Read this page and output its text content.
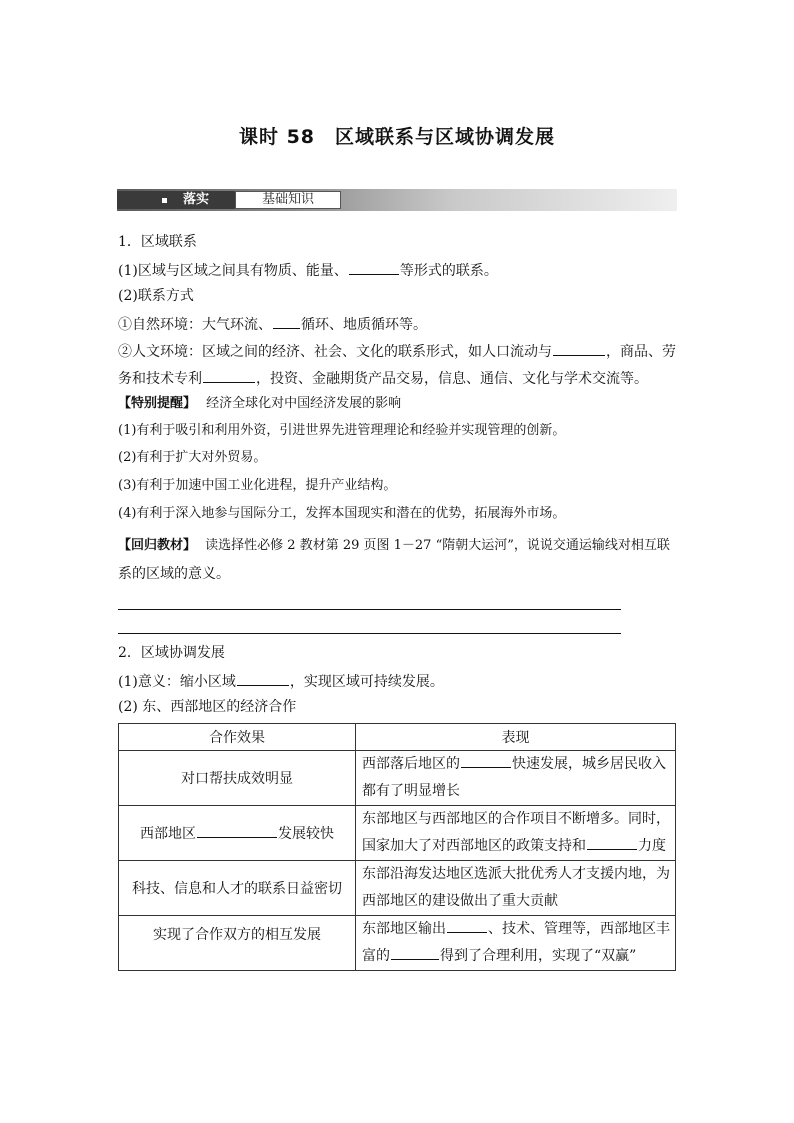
课时 58　区域联系与区域协调发展
落实	基础知识
1．区域联系
(1)区域与区域之间具有物质、能量、	等形式的联系。
(2)联系方式
①自然环境：大气环流、 循环、地质循环等。
②人文环境：区域之间的经济、社会、文化的联系形式，如人口流动与	，商品、劳
务和技术专利	，投资、金融期货产品交易，信息、通信、文化与学术交流等。
【特别提醒】 经济全球化对中国经济发展的影响
(1)有利于吸引和利用外资，引进世界先进管理理论和经验并实现管理的创新。
(2)有利于扩大对外贸易。
(3)有利于加速中国工业化进程，提升产业结构。
(4)有利于深入地参与国际分工，发挥本国现实和潜在的优势，拓展海外市场。
【回归教材】 读选择性必修 2 教材第 29 页图 1－27 “隋朝大运河”，说说交通运输线对相互联
系的区域的意义。
2．区域协调发展
(1)意义：缩小区域	，实现区域可持续发展。
(2) 东、西部地区的经济合作
合作效果	表现
对口帮扶成效明显	西部落后地区的 快速发展，城乡居民收入都有了明显增长
西部地区 发展较快	东部地区与西部地区的合作项目不断增多。同时，国家加大了对西部地区的政策支持和 力度
科技、信息和人才的联系日益密切	东部沿海发达地区选派大批优秀人才支援内地，为西部地区的建设做出了重大贡献
实现了合作双方的相互发展	东部地区输出 、技术、管理等，西部地区丰富的 得到了合理利用，实现了“双赢”
